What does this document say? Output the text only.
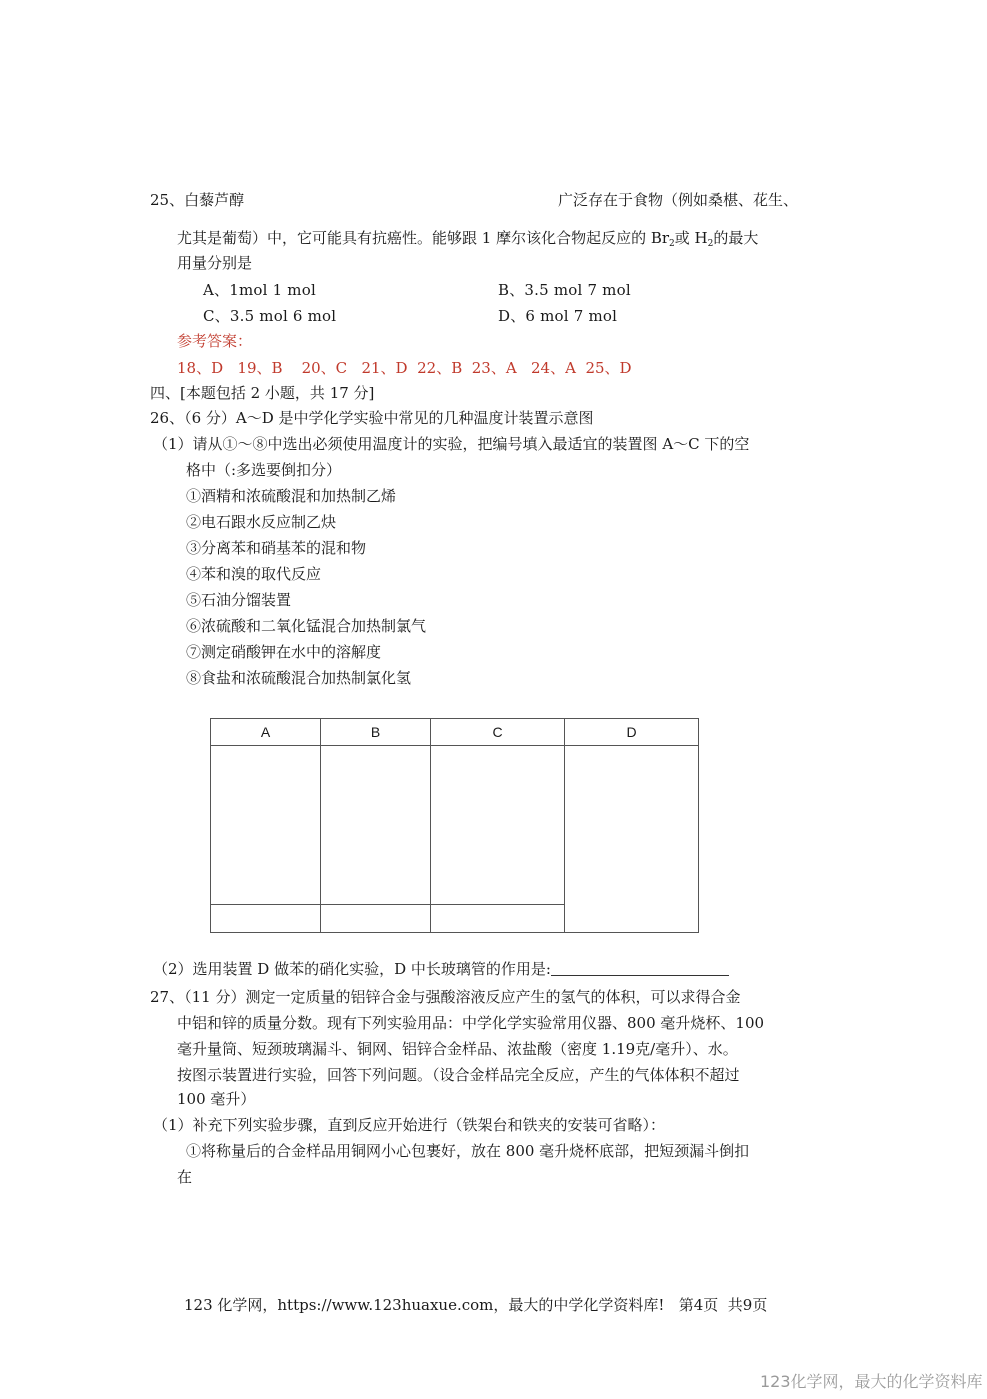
25、白藜芦醇	广泛存在于食物（例如桑椹、花生、
尤其是葡萄）中，它可能具有抗癌性。能够跟 1 摩尔该化合物起反应的 $Br_2$或 $H_2$的最大
用量分别是
A、1mol 1 mol	B、3.5 mol 7 mol
C、3.5 mol 6 mol	D、6 mol 7 mol
参考答案：
18、D   19、B    20、C   21、D  22、B  23、A   24、A  25、D
四、[本题包括 2 小题，共 17 分]
26、（6 分）A～D 是中学化学实验中常见的几种温度计装置示意图
（1）请从①～⑧中选出必须使用温度计的实验，把编号填入最适宜的装置图 A～C 下的空
格中（:多选要倒扣分）
①酒精和浓硫酸混和加热制乙烯
②电石跟水反应制乙炔
③分离苯和硝基苯的混和物
④苯和溴的取代反应
⑤石油分馏装置
⑥浓硫酸和二氧化锰混合加热制氯气
⑦测定硝酸钾在水中的溶解度
⑧食盐和浓硫酸混合加热制氯化氢
A	B	C	D

（2）选用装置 D 做苯的硝化实验，D 中长玻璃管的作用是:
27、（11 分）测定一定质量的铝锌合金与强酸溶液反应产生的氢气的体积，可以求得合金
中铝和锌的质量分数。现有下列实验用品：中学化学实验常用仪器、800 毫升烧杯、100
毫升量筒、短颈玻璃漏斗、铜网、铝锌合金样品、浓盐酸（密度 1.19克/毫升）、水。
按图示装置进行实验，回答下列问题。（设合金样品完全反应，产生的气体体积不超过
100 毫升）
（1）补充下列实验步骤，直到反应开始进行（铁架台和铁夹的安装可省略）：
①将称量后的合金样品用铜网小心包裹好，放在 800 毫升烧杯底部，把短颈漏斗倒扣
在
123 化学网，https://www.123huaxue.com，最大的中学化学资料库!   第4页  共9页
123化学网，最大的化学资料库
